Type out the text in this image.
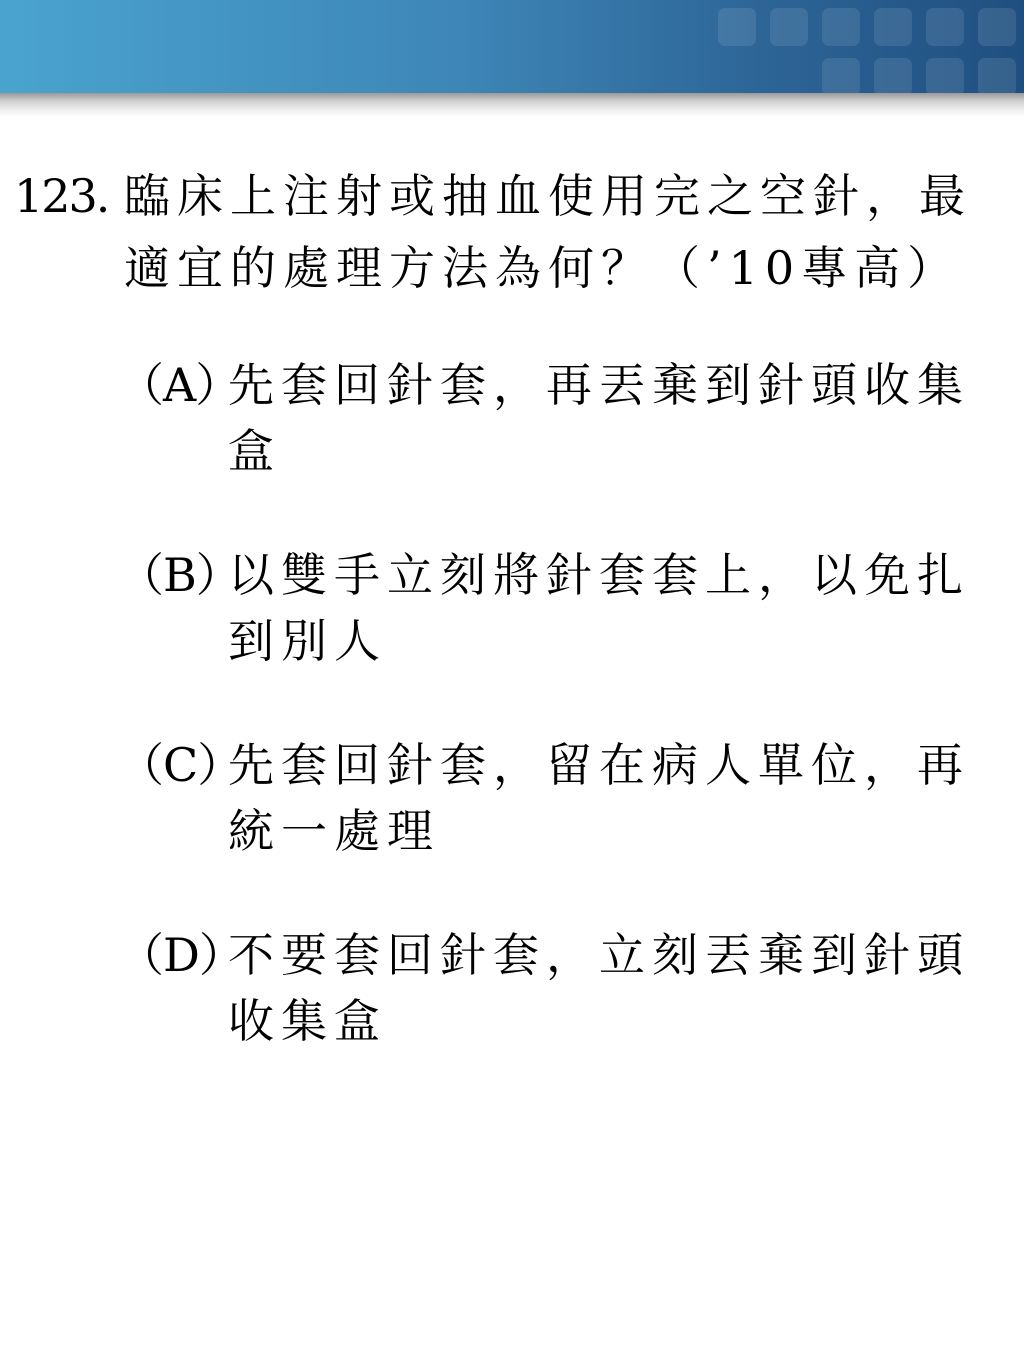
123. 臨床上注射或抽血使用完之空針，最適宜的處理方法為何？（’10專高）
（A）
先套回針套，再丟棄到針頭收集盒
（B）
以雙手立刻將針套套上，以免扎到別人
（C）
先套回針套，留在病人單位，再統一處理
（D）
不要套回針套，立刻丟棄到針頭收集盒
